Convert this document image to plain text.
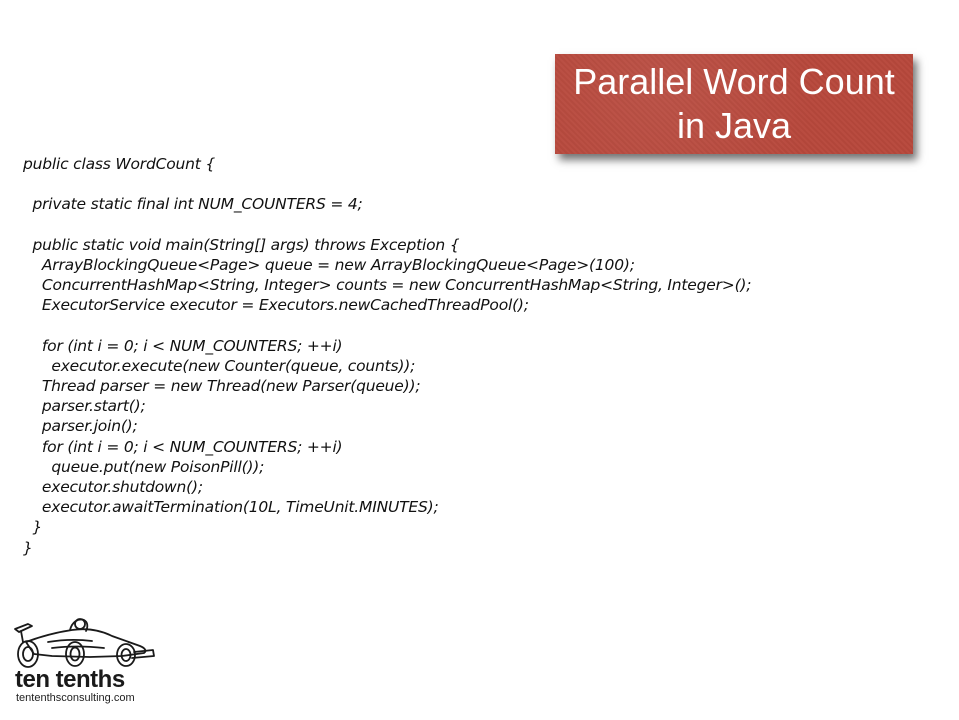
Parallel Word Count
in Java
public class WordCount {
private static final int NUM_COUNTERS = 4;
public static void main(String[] args) throws Exception {
ArrayBlockingQueue<Page> queue = new ArrayBlockingQueue<Page>(100);
ConcurrentHashMap<String, Integer> counts = new ConcurrentHashMap<String, Integer>();
ExecutorService executor = Executors.newCachedThreadPool();
for (int i = 0; i < NUM_COUNTERS; ++i)
executor.execute(new Counter(queue, counts));
Thread parser = new Thread(new Parser(queue));
parser.start();
parser.join();
for (int i = 0; i < NUM_COUNTERS; ++i)
queue.put(new PoisonPill());
executor.shutdown();
executor.awaitTermination(10L, TimeUnit.MINUTES);
}
}
ten tenths
tententhsconsulting.com
